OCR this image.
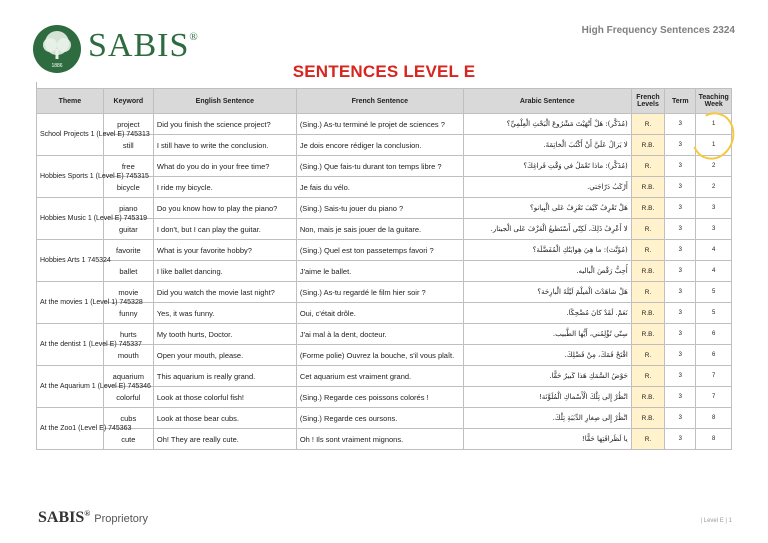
1886
SABIS®
High Frequency Sentences 2324
SENTENCES LEVEL E
Theme	Keyword	English Sentence	French Sentence	Arabic Sentence	French Levels	Term	Teaching Week
School Projects 1 (Level E) 745313	project	Did you finish the science project?	(Sing.) As-tu terminé le projet de sciences ?	(مُذَكَّر): هَلْ أَنْهَيْتَ مَشْرُوعَ الْبَحْثِ الْعِلْمِيِّ؟	R.	3	1
	still	I still have to write the conclusion.	Je dois encore rédiger la conclusion.	لا يَزالُ عَلَيَّ أَنْ أَكْتُبَ الْخاتِمَةَ.	R.B.	3	1
Hobbies Sports 1 (Level E) 745315	free	What do you do in your free time?	(Sing.) Que fais-tu durant ton temps libre ?	(مُذَكَّر): ماذا تَعْمَلُ في وَقْتِ فَراغِكَ؟	R.	3	2
	bicycle	I ride my bicycle.	Je fais du vélo.	أَرْكَبُ دَرّاجَتي.	R.B.	3	2
Hobbies Music 1 (Level E) 745319	piano	Do you know how to play the piano?	(Sing.) Sais-tu jouer du piano ?	هَلْ تَعْرِفُ كَيْفَ تَعْزِفُ عَلى الْبِيانو؟	R.B.	3	3
	guitar	I don't, but I can play the guitar.	Non, mais je sais jouer de la guitare.	لا أَعْرِفُ ذَلِكَ، لَكِنّي أَسْتَطيعُ الْعَزْفَ عَلى الْجيتار.	R.	3	3
Hobbies Arts 1 745324	favorite	What is your favorite hobby?	(Sing.) Quel est ton passetemps favori ?	(مُؤَنَّث): ما هِيَ هِوايَتُكِ الْمُفَضَّلَة؟	R.	3	4
	ballet	I like ballet dancing.	J'aime le ballet.	أُحِبُّ رَقْصَ الْباليه.	R.B.	3	4
At the movies 1 (Level 1) 745328	movie	Did you watch the movie last night?	(Sing.) As-tu regardé le film hier soir ?	هَلْ شاهَدْتَ الْفيلْمَ لَيْلَةَ الْبارِحَة؟	R.	3	5
	funny	Yes, it was funny.	Oui, c'était drôle.	نَعَمْ. لَقَدْ كانَ مُضْحِكًا.	R.B.	3	5
At the dentist 1 (Level E) 745337	hurts	My tooth hurts, Doctor.	J'ai mal à la dent, docteur.	سِنّي تُؤْلِمُني، أَيُّها الطَّبيب.	R.B.	3	6
	mouth	Open your mouth, please.	(Forme polie) Ouvrez la bouche, s'il vous plaît.	افْتَحْ فَمَكَ، مِنْ فَضْلِكَ.	R.	3	6
At the Aquarium 1 (Level E) 745346	aquarium	This aquarium is really grand.	Cet aquarium est vraiment grand.	حَوْضُ السَّمَكِ هَذا كَبيرٌ حَقًّا.	R.	3	7
	colorful	Look at those colorful fish!	(Sing.) Regarde ces poissons colorés !	انْظُرْ إِلى تِلْكَ الْأَسْماكِ الْمُلَوَّنَة!	R.B.	3	7
At the Zoo1 (Level E) 745363	cubs	Look at those bear cubs.	(Sing.) Regarde ces oursons.	انْظُرْ إِلى صِغارِ الدِّبَبَةِ تِلْكَ.	R.B.	3	8
	cute	Oh! They are really cute.	Oh ! Ils sont vraiment mignons.	يا لَظَرافَتِها حَقًّا!	R.	3	8
SABIS® Proprietory	| Level E | 1
